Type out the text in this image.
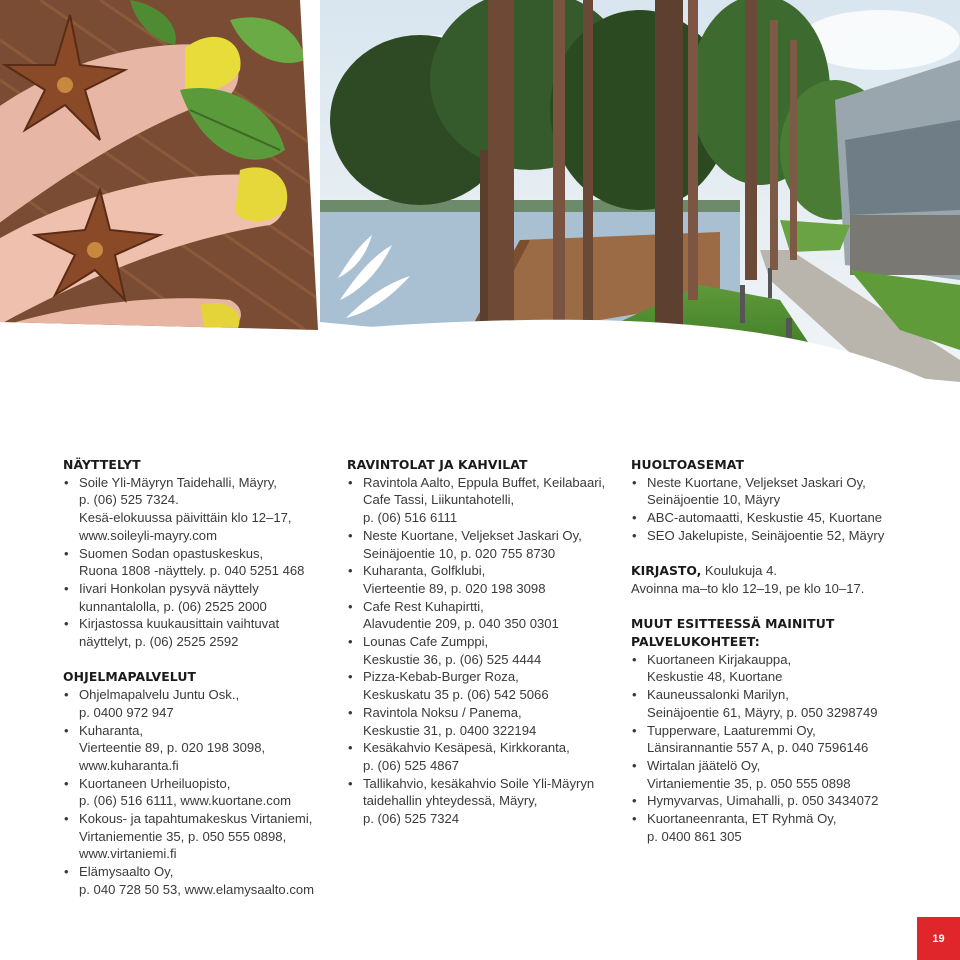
NÄYTTELYT
• Soile Yli-Mäyryn Taidehalli, Mäyry,
p. (06) 525 7324.
Kesä-elokuussa päivittäin klo 12–17,
www.soileyli-mayry.com
• Suomen Sodan opastuskeskus,
Ruona 1808 -näyttely. p. 040 5251 468
• Iivari Honkolan pysyvä näyttely
kunnantalolla, p. (06) 2525 2000
• Kirjastossa kuukausittain vaihtuvat
näyttelyt, p. (06) 2525 2592
OHJELMAPALVELUT
• Ohjelmapalvelu Juntu Osk.,
p. 0400 972 947
• Kuharanta,
Vierteentie 89, p. 020 198 3098,
www.kuharanta.fi
• Kuortaneen Urheiluopisto,
p. (06) 516 6111, www.kuortane.com
• Kokous- ja tapahtumakeskus Virtaniemi,
Virtaniementie 35, p. 050 555 0898,
www.virtaniemi.fi
• Elämysaalto Oy,
p. 040 728 50 53, www.elamysaalto.com
RAVINTOLAT JA KAHVILAT
• Ravintola Aalto, Eppula Buffet, Keilabaari,
Cafe Tassi, Liikuntahotelli,
p. (06) 516 6111
• Neste Kuortane, Veljekset Jaskari Oy,
Seinäjoentie 10, p. 020 755 8730
• Kuharanta, Golfklubi,
Vierteentie 89, p. 020 198 3098
• Cafe Rest Kuhapirtti,
Alavudentie 209, p. 040 350 0301
• Lounas Cafe Zumppi,
Keskustie 36, p. (06) 525 4444
• Pizza-Kebab-Burger Roza,
Keskuskatu 35 p. (06) 542 5066
• Ravintola Noksu / Panema,
Keskustie 31, p. 0400 322194
• Kesäkahvio Kesäpesä, Kirkkoranta,
p. (06) 525 4867
• Tallikahvio, kesäkahvio Soile Yli-Mäyryn
taidehallin yhteydessä, Mäyry,
p. (06) 525 7324
HUOLTOASEMAT
• Neste Kuortane, Veljekset Jaskari Oy,
Seinäjoentie 10, Mäyry
• ABC-automaatti, Keskustie 45, Kuortane
• SEO Jakelupiste, Seinäjoentie 52, Mäyry
KIRJASTO, Koulukuja 4.
Avoinna ma–to klo 12–19, pe klo 10–17.
MUUT ESITTEESSÄ MAINITUT
PALVELUKOHTEET:
• Kuortaneen Kirjakauppa,
Keskustie 48, Kuortane
• Kauneussalonki Marilyn,
Seinäjoentie 61, Mäyry, p. 050 3298749
• Tupperware, Laaturemmi Oy,
Länsirannantie 557 A, p. 040 7596146
• Wirtalan jäätelö Oy,
Virtaniementie 35, p. 050 555 0898
• Hymyvarvas, Uimahalli, p. 050 3434072
• Kuortaneenranta, ET Ryhmä Oy,
p. 0400 861 305
19
